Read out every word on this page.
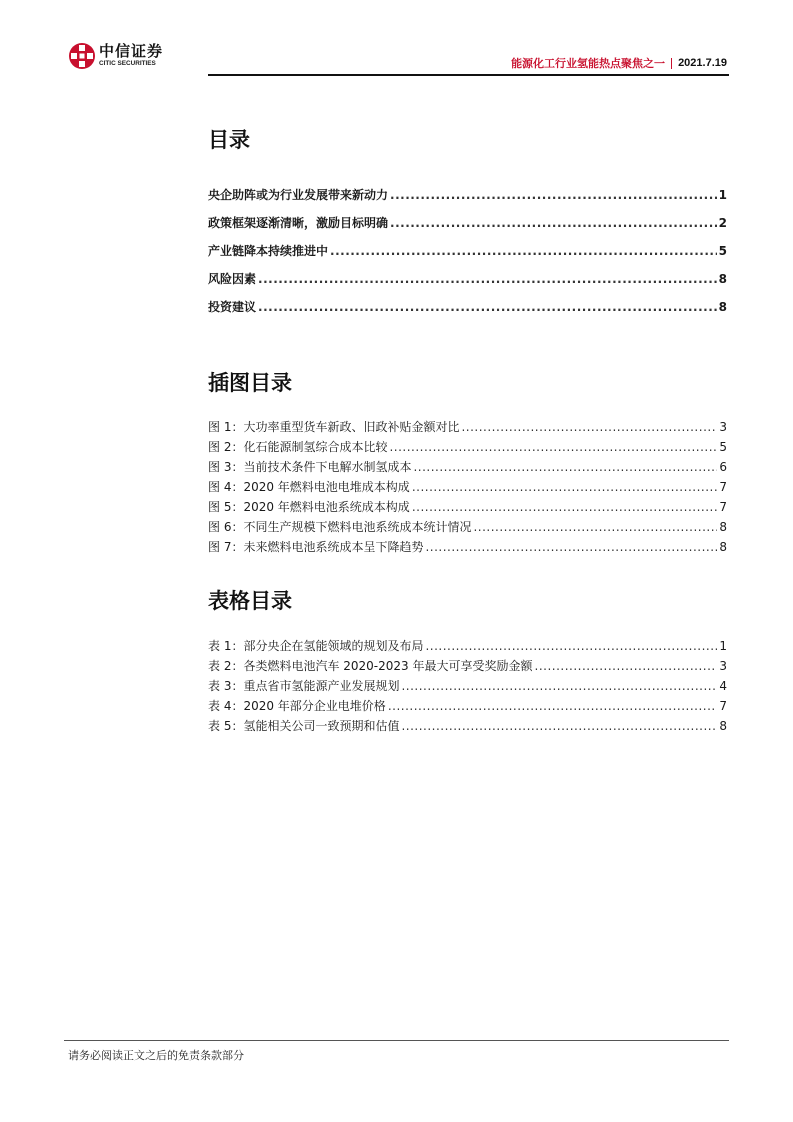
中信证券
CITIC SECURITIES	能源化工行业氢能热点聚焦之一 2021.7.19
目录
央企助阵或为行业发展带来新动力 .....	1
政策框架逐渐清晰，激励目标明确 .....	2
产业链降本持续推进中 .....	5
风险因素 .....	8
投资建议 .....	8
插图目录
图 1：大功率重型货车新政、旧政补贴金额对比 .....	3
图 2：化石能源制氢综合成本比较 .....	5
图 3：当前技术条件下电解水制氢成本 .....	6
图 4：2020 年燃料电池电堆成本构成 .....	7
图 5：2020 年燃料电池系统成本构成 .....	7
图 6：不同生产规模下燃料电池系统成本统计情况 .....	8
图 7：未来燃料电池系统成本呈下降趋势 .....	8
表格目录
表 1：部分央企在氢能领域的规划及布局 .....	1
表 2：各类燃料电池汽车 2020-2023 年最大可享受奖励金额 .....	3
表 3：重点省市氢能源产业发展规划 .....	4
表 4：2020 年部分企业电堆价格 .....	7
表 5：氢能相关公司一致预期和估值 .....	8
请务必阅读正文之后的免责条款部分
